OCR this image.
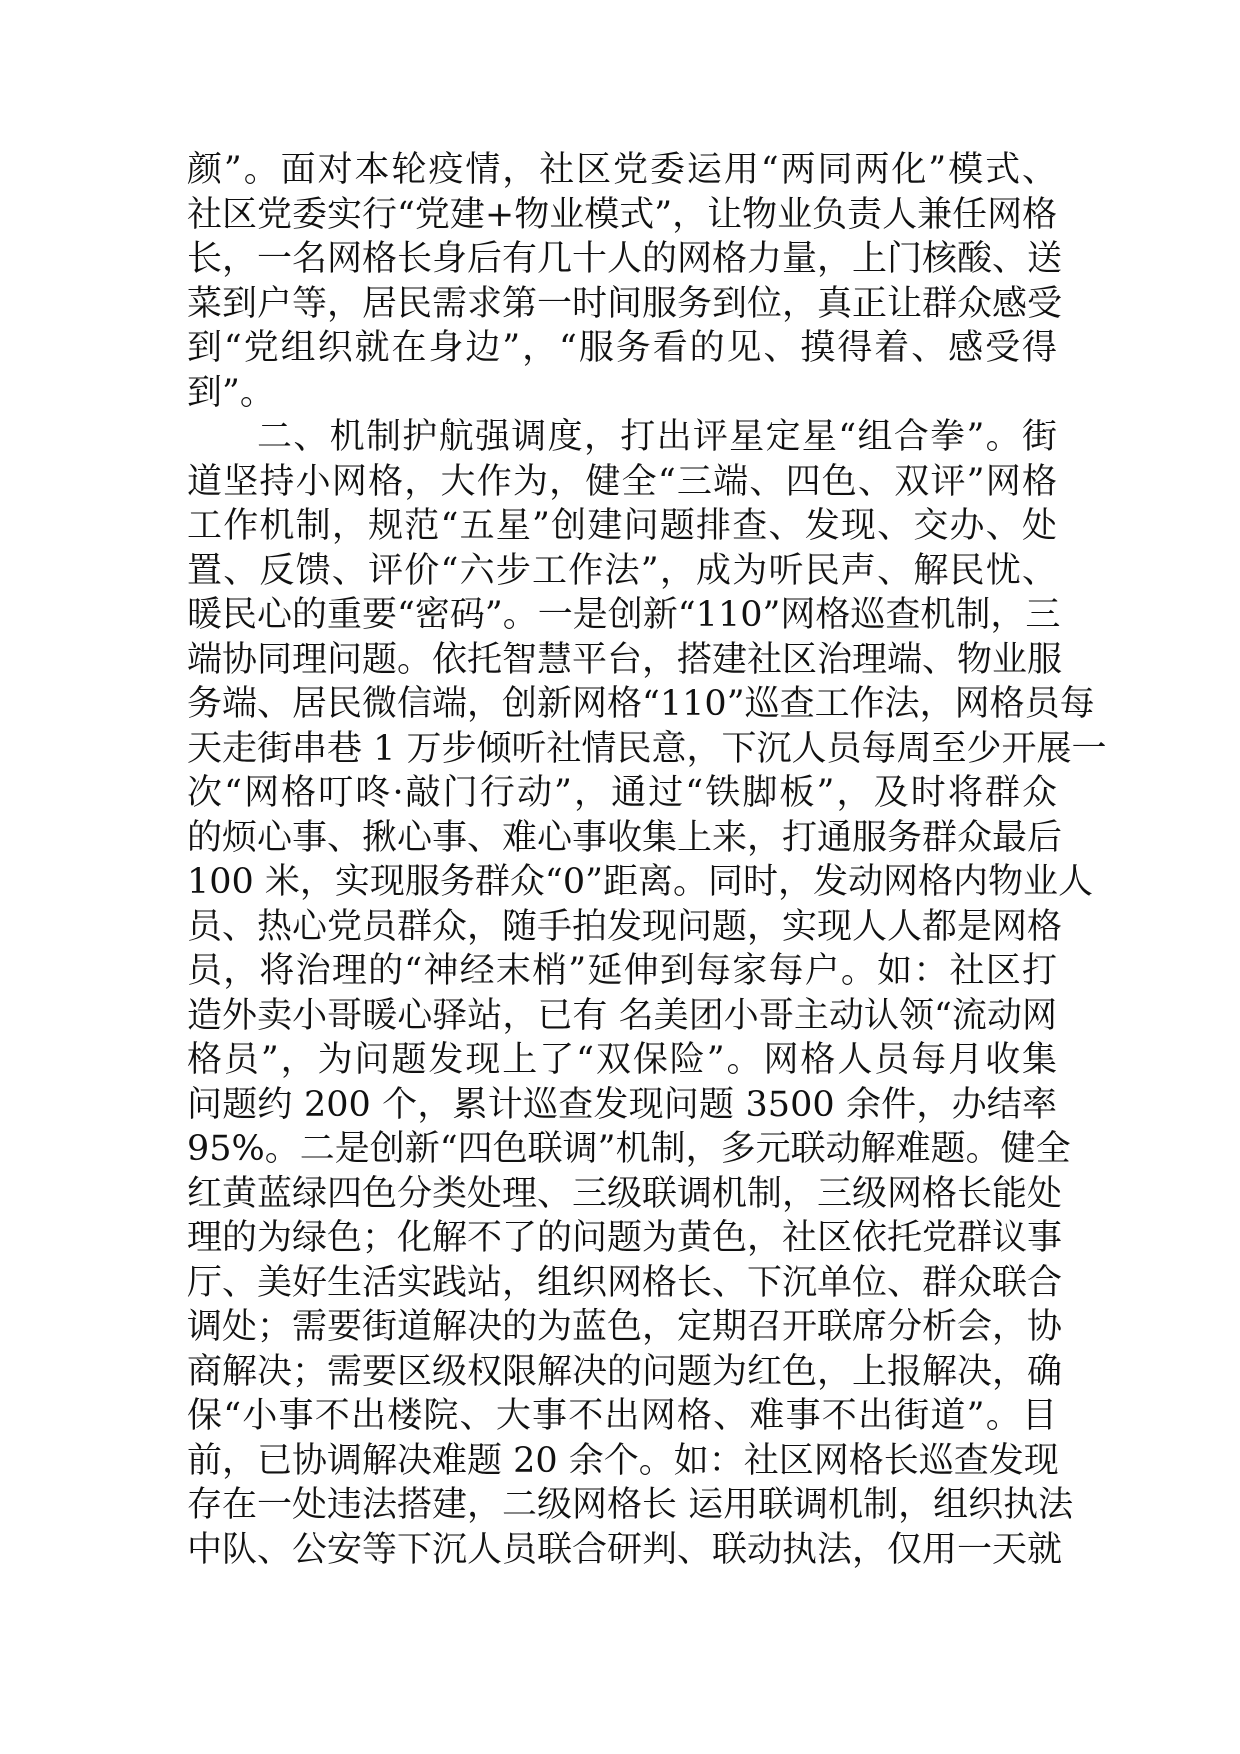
颜”。面对本轮疫情，社区党委运用“两同两化”模式、
社区党委实行“党建+物业模式”，让物业负责人兼任网格
长，一名网格长身后有几十人的网格力量，上门核酸、送
菜到户等，居民需求第一时间服务到位，真正让群众感受
到“党组织就在身边”，“服务看的见、摸得着、感受得
到”。
二、机制护航强调度，打出评星定星“组合拳”。街
道坚持小网格，大作为，健全“三端、四色、双评”网格
工作机制，规范“五星”创建问题排查、发现、交办、处
置、反馈、评价“六步工作法”，成为听民声、解民忧、
暖民心的重要“密码”。一是创新“110”网格巡查机制，三
端协同理问题。依托智慧平台，搭建社区治理端、物业服
务端、居民微信端，创新网格“110”巡查工作法，网格员每
天走街串巷 1 万步倾听社情民意，下沉人员每周至少开展一
次“网格叮咚·敲门行动”，通过“铁脚板”，及时将群众
的烦心事、揪心事、难心事收集上来，打通服务群众最后
100 米，实现服务群众“0”距离。同时，发动网格内物业人
员、热心党员群众，随手拍发现问题，实现人人都是网格
员，将治理的“神经末梢”延伸到每家每户。如：社区打
造外卖小哥暖心驿站，已有 名美团小哥主动认领“流动网
格员”，为问题发现上了“双保险”。网格人员每月收集
问题约 200 个，累计巡查发现问题 3500 余件，办结率
95%。二是创新“四色联调”机制，多元联动解难题。健全
红黄蓝绿四色分类处理、三级联调机制，三级网格长能处
理的为绿色；化解不了的问题为黄色，社区依托党群议事
厅、美好生活实践站，组织网格长、下沉单位、群众联合
调处；需要街道解决的为蓝色，定期召开联席分析会，协
商解决；需要区级权限解决的问题为红色，上报解决，确
保“小事不出楼院、大事不出网格、难事不出街道”。目
前，已协调解决难题 20 余个。如：社区网格长巡查发现
存在一处违法搭建，二级网格长 运用联调机制，组织执法
中队、公安等下沉人员联合研判、联动执法，仅用一天就
